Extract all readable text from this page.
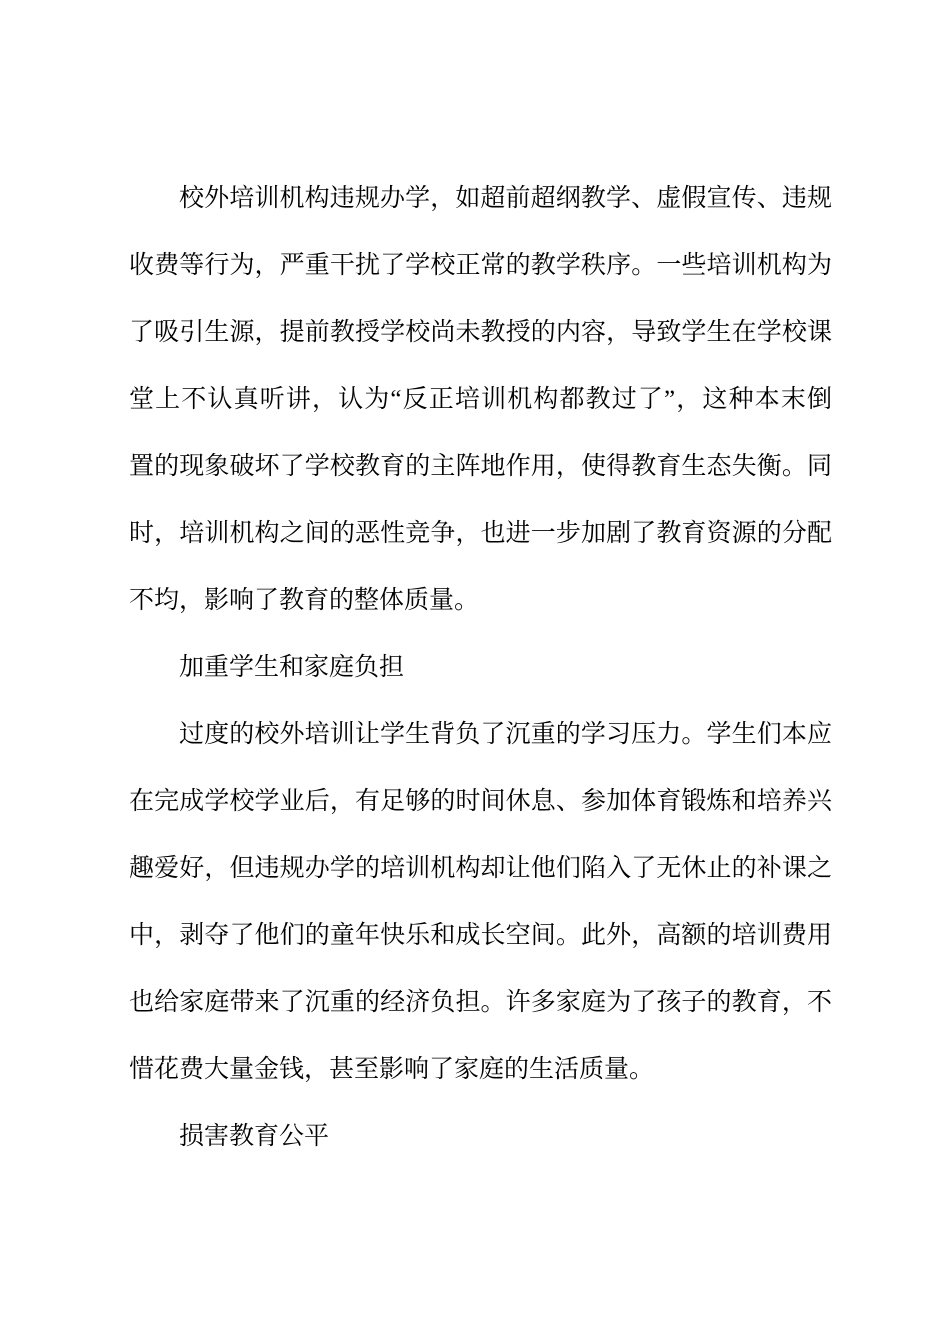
校外培训机构违规办学，如超前超纲教学、虚假宣传、违规
收费等行为，严重干扰了学校正常的教学秩序。一些培训机构为
了吸引生源，提前教授学校尚未教授的内容，导致学生在学校课
堂上不认真听讲，认为“反正培训机构都教过了”，这种本末倒
置的现象破坏了学校教育的主阵地作用，使得教育生态失衡。同
时，培训机构之间的恶性竞争，也进一步加剧了教育资源的分配
不均，影响了教育的整体质量。
加重学生和家庭负担
过度的校外培训让学生背负了沉重的学习压力。学生们本应
在完成学校学业后，有足够的时间休息、参加体育锻炼和培养兴
趣爱好，但违规办学的培训机构却让他们陷入了无休止的补课之
中，剥夺了他们的童年快乐和成长空间。此外，高额的培训费用
也给家庭带来了沉重的经济负担。许多家庭为了孩子的教育，不
惜花费大量金钱，甚至影响了家庭的生活质量。
损害教育公平
